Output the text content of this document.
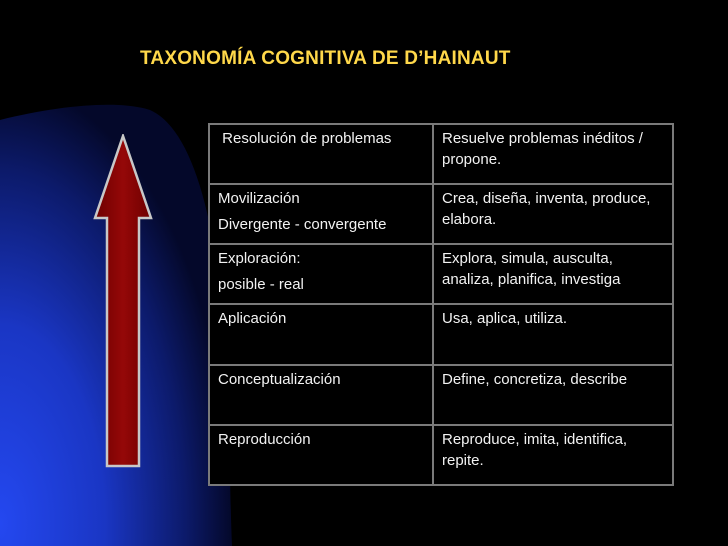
TAXONOMÍA COGNITIVA DE D’HAINAUT
Resolución de problemas	Resuelve problemas inéditos / propone.
Movilización
Divergente - convergente	Crea, diseña, inventa, produce, elabora.
Exploración:
posible - real	Explora, simula, ausculta, analiza, planifica, investiga
Aplicación	Usa, aplica, utiliza.
Conceptualización	Define, concretiza, describe
Reproducción	Reproduce, imita, identifica, repite.
